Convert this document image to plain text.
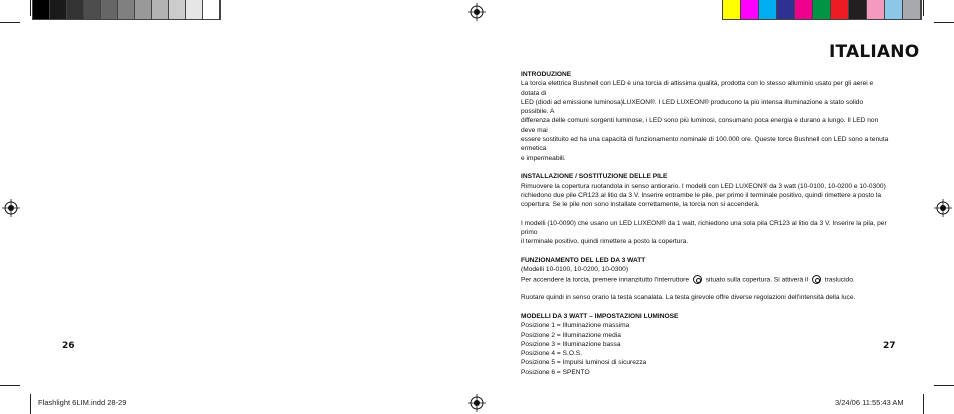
ITALIANO

INTRODUZIONE

La torcia elettrica Bushnell con LED è una torcia di altissima qualità, prodotta con lo stesso alluminio usato per gli aerei e dotata di

LED (diodi ad emissione luminosa)LUXEON®. I LED LUXEON® producono la più intensa illuminazione a stato solido possibile. A

differenza delle comuni sorgenti luminose, i LED sono più luminosi, consumano poca energia e durano a lungo. Il LED non deve mai

essere sostituito ed ha una capacità di funzionamento nominale di 100.000 ore. Queste torce Bushnell con LED sono a tenuta ermetica

e impermeabili.

INSTALLAZIONE / SOSTITUZIONE DELLE PILE

Rimuovere la copertura ruotandola in senso antiorario. I modelli con LED LUXEON® da 3 watt (10-0100, 10-0200 e 10-0300)

richiedono due pile CR123 al litio da 3 V. Inserire entrambe le pile, per primo il terminale positivo, quindi rimettere a posto la

copertura. Se le pile non sono installate correttamente, la torcia non si accenderà.

I modelli (10-0090) che usano un LED LUXEON® da 1 watt, richiedono una sola pila CR123 al litio da 3 V. Inserire la pila, per primo

il terminale positivo, quindi rimettere a posto la copertura.

FUNZIONAMENTO DEL LED DA 3 WATT

(Modelli 10-0100, 10-0200, 10-0300)

Per accendere la torcia, premere innanzitutto l'interruttore	situato sulla copertura. Si attiverà il	traslucido.

Ruotare quindi in senso orario la testa scanalata. La testa girevole offre diverse regolazioni dell'intensità della luce.

MODELLI DA 3 WATT – IMPOSTAZIONI LUMINOSE

Posizione 1 = Illuminazione massima

Posizione 2 = Illuminazione media

Posizione 3 = Illuminazione bassa

Posizione 4 = S.O.S.

Posizione 5 = Impulsi luminosi di sicurezza

Posizione 6 = SPENTO

26	27
Flashlight 6LIM.indd 28-29	3/24/06 11:55:43 AM
